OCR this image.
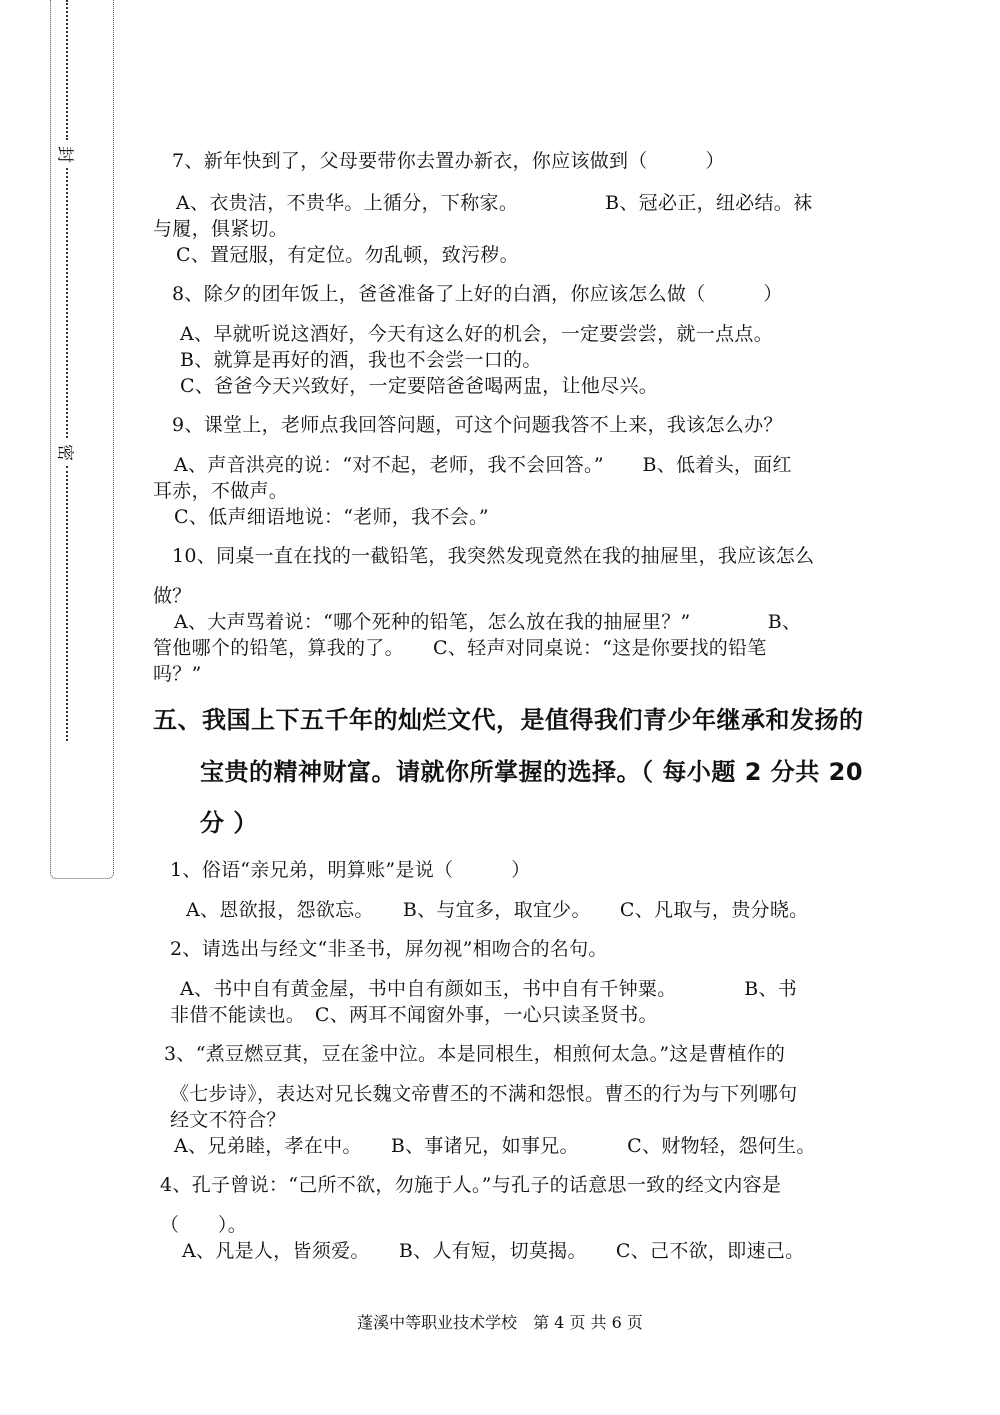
封
密
7、新年快到了，父母要带你去置办新衣，你应该做到（　　　）
A、衣贵洁，不贵华。上循分，下称家。　　　　　B、冠必正，纽必结。袜
与履，俱紧切。
C、置冠服，有定位。勿乱顿，致污秽。
8、除夕的团年饭上，爸爸准备了上好的白酒，你应该怎么做（　　　）
A、早就听说这酒好，今天有这么好的机会，一定要尝尝，就一点点。
B、就算是再好的酒，我也不会尝一口的。
C、爸爸今天兴致好，一定要陪爸爸喝两盅，让他尽兴。
9、课堂上，老师点我回答问题，可这个问题我答不上来，我该怎么办？
A、声音洪亮的说：“对不起，老师，我不会回答。”　　B、低着头，面红
耳赤，不做声。
C、低声细语地说：“老师，我不会。”
10、同桌一直在找的一截铅笔，我突然发现竟然在我的抽屉里，我应该怎么
做？
A、大声骂着说：“哪个死种的铅笔，怎么放在我的抽屉里？”　　　　B、
管他哪个的铅笔，算我的了。　　C、轻声对同桌说：“这是你要找的铅笔
吗？”
五、我国上下五千年的灿烂文代，是值得我们青少年继承和发扬的
宝贵的精神财富。请就你所掌握的选择。（ 每小题 2 分共 20
分 ）
1、俗语“亲兄弟，明算账”是说（　　　）
A、恩欲报，怨欲忘。　　B、与宜多，取宜少。　　C、凡取与，贵分晓。
2、请选出与经文“非圣书，屏勿视”相吻合的名句。
A、书中自有黄金屋，书中自有颜如玉，书中自有千钟粟。　　　　B、书
非借不能读也。　C、两耳不闻窗外事，一心只读圣贤书。
3、“煮豆燃豆萁，豆在釜中泣。本是同根生，相煎何太急。”这是曹植作的
《七步诗》，表达对兄长魏文帝曹丕的不满和怨恨。曹丕的行为与下列哪句
经文不符合？
A、兄弟睦，孝在中。　　B、事诸兄，如事兄。　　　C、财物轻，怨何生。
4、孔子曾说：“己所不欲，勿施于人。”与孔子的话意思一致的经文内容是
（　　）。
A、凡是人，皆须爱。　　B、人有短，切莫揭。　　C、己不欲，即速己。
蓬溪中等职业技术学校　第 4 页 共 6 页
